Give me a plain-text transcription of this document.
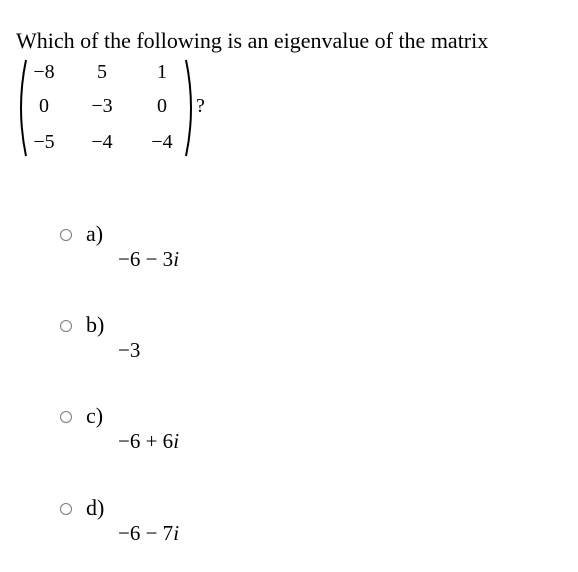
Which of the following is an eigenvalue of the matrix
−8	5	1
0	−3	0
−5	−4	−4
?
a)
−6 − 3i
b)
−3
c)
−6 + 6i
d)
−6 − 7i
